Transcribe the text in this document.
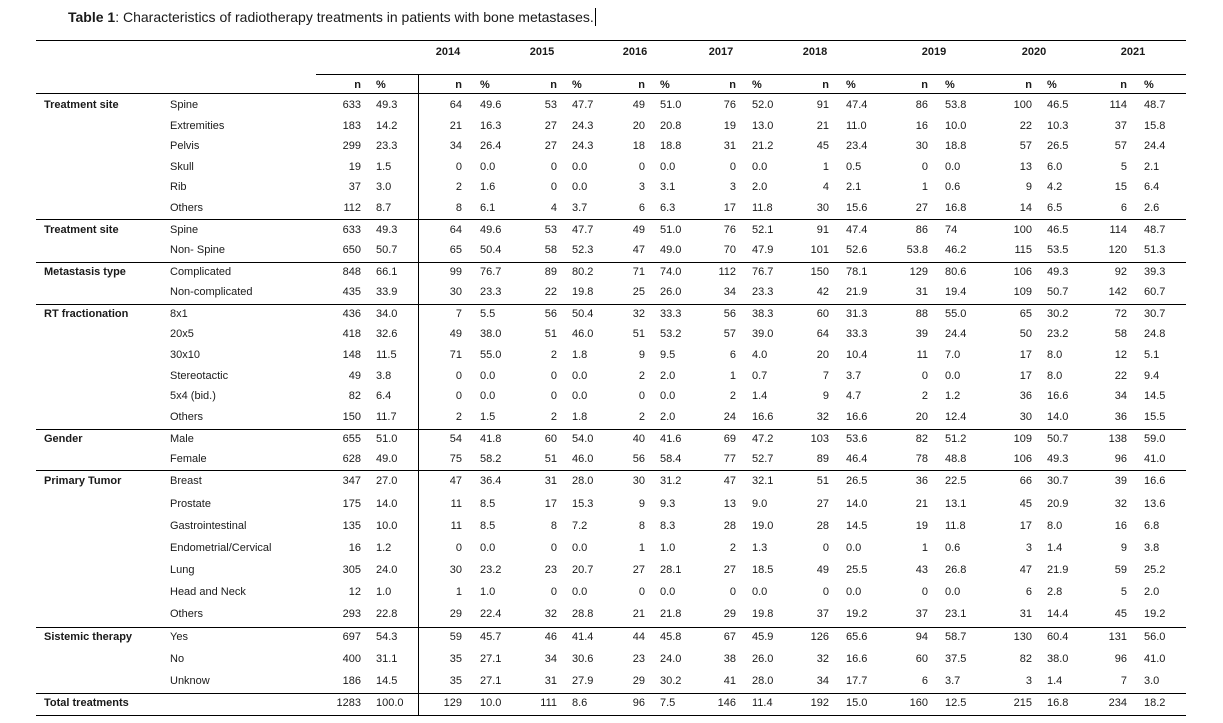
Table 1: Characteristics of radiotherapy treatments in patients with bone metastases.
2014	2015	2016	2017	2018	2019	2020	2021
n %	n %	n %	n %	n %	n %	n %	n %	n %
Treatment site	Spine	633 49.3	64 49.6	53 47.7	49 51.0	76 52.0	91 47.4	86 53.8	100 46.5	114 48.7
Extremities	183 14.2	21 16.3	27 24.3	20 20.8	19 13.0	21 11.0	16 10.0	22 10.3	37 15.8
Pelvis	299 23.3	34 26.4	27 24.3	18 18.8	31 21.2	45 23.4	30 18.8	57 26.5	57 24.4
Skull	19 1.5	0 0.0	0 0.0	0 0.0	0 0.0	1 0.5	0 0.0	13 6.0	5 2.1
Rib	37 3.0	2 1.6	0 0.0	3 3.1	3 2.0	4 2.1	1 0.6	9 4.2	15 6.4
Others	112 8.7	8 6.1	4 3.7	6 6.3	17 11.8	30 15.6	27 16.8	14 6.5	6 2.6
Treatment site	Spine	633 49.3	64 49.6	53 47.7	49 51.0	76 52.1	91 47.4	86 74	100 46.5	114 48.7
Non- Spine	650 50.7	65 50.4	58 52.3	47 49.0	70 47.9	101 52.6	53.8 46.2	115 53.5	120 51.3
Metastasis type	Complicated	848 66.1	99 76.7	89 80.2	71 74.0	112 76.7	150 78.1	129 80.6	106 49.3	92 39.3
Non-complicated	435 33.9	30 23.3	22 19.8	25 26.0	34 23.3	42 21.9	31 19.4	109 50.7	142 60.7
RT fractionation	8x1	436 34.0	7 5.5	56 50.4	32 33.3	56 38.3	60 31.3	88 55.0	65 30.2	72 30.7
20x5	418 32.6	49 38.0	51 46.0	51 53.2	57 39.0	64 33.3	39 24.4	50 23.2	58 24.8
30x10	148 11.5	71 55.0	2 1.8	9 9.5	6 4.0	20 10.4	11 7.0	17 8.0	12 5.1
Stereotactic	49 3.8	0 0.0	0 0.0	2 2.0	1 0.7	7 3.7	0 0.0	17 8.0	22 9.4
5x4 (bid.)	82 6.4	0 0.0	0 0.0	0 0.0	2 1.4	9 4.7	2 1.2	36 16.6	34 14.5
Others	150 11.7	2 1.5	2 1.8	2 2.0	24 16.6	32 16.6	20 12.4	30 14.0	36 15.5
Gender	Male	655 51.0	54 41.8	60 54.0	40 41.6	69 47.2	103 53.6	82 51.2	109 50.7	138 59.0
Female	628 49.0	75 58.2	51 46.0	56 58.4	77 52.7	89 46.4	78 48.8	106 49.3	96 41.0
Primary Tumor	Breast	347 27.0	47 36.4	31 28.0	30 31.2	47 32.1	51 26.5	36 22.5	66 30.7	39 16.6
Prostate	175 14.0	11 8.5	17 15.3	9 9.3	13 9.0	27 14.0	21 13.1	45 20.9	32 13.6
Gastrointestinal	135 10.0	11 8.5	8 7.2	8 8.3	28 19.0	28 14.5	19 11.8	17 8.0	16 6.8
Endometrial/Cervical	16 1.2	0 0.0	0 0.0	1 1.0	2 1.3	0 0.0	1 0.6	3 1.4	9 3.8
Lung	305 24.0	30 23.2	23 20.7	27 28.1	27 18.5	49 25.5	43 26.8	47 21.9	59 25.2
Head and Neck	12 1.0	1 1.0	0 0.0	0 0.0	0 0.0	0 0.0	0 0.0	6 2.8	5 2.0
Others	293 22.8	29 22.4	32 28.8	21 21.8	29 19.8	37 19.2	37 23.1	31 14.4	45 19.2
Sistemic therapy	Yes	697 54.3	59 45.7	46 41.4	44 45.8	67 45.9	126 65.6	94 58.7	130 60.4	131 56.0
No	400 31.1	35 27.1	34 30.6	23 24.0	38 26.0	32 16.6	60 37.5	82 38.0	96 41.0
Unknow	186 14.5	35 27.1	31 27.9	29 30.2	41 28.0	34 17.7	6 3.7	3 1.4	7 3.0
Total treatments	1283 100.0	129 10.0	111 8.6	96 7.5	146 11.4	192 15.0	160 12.5	215 16.8	234 18.2
